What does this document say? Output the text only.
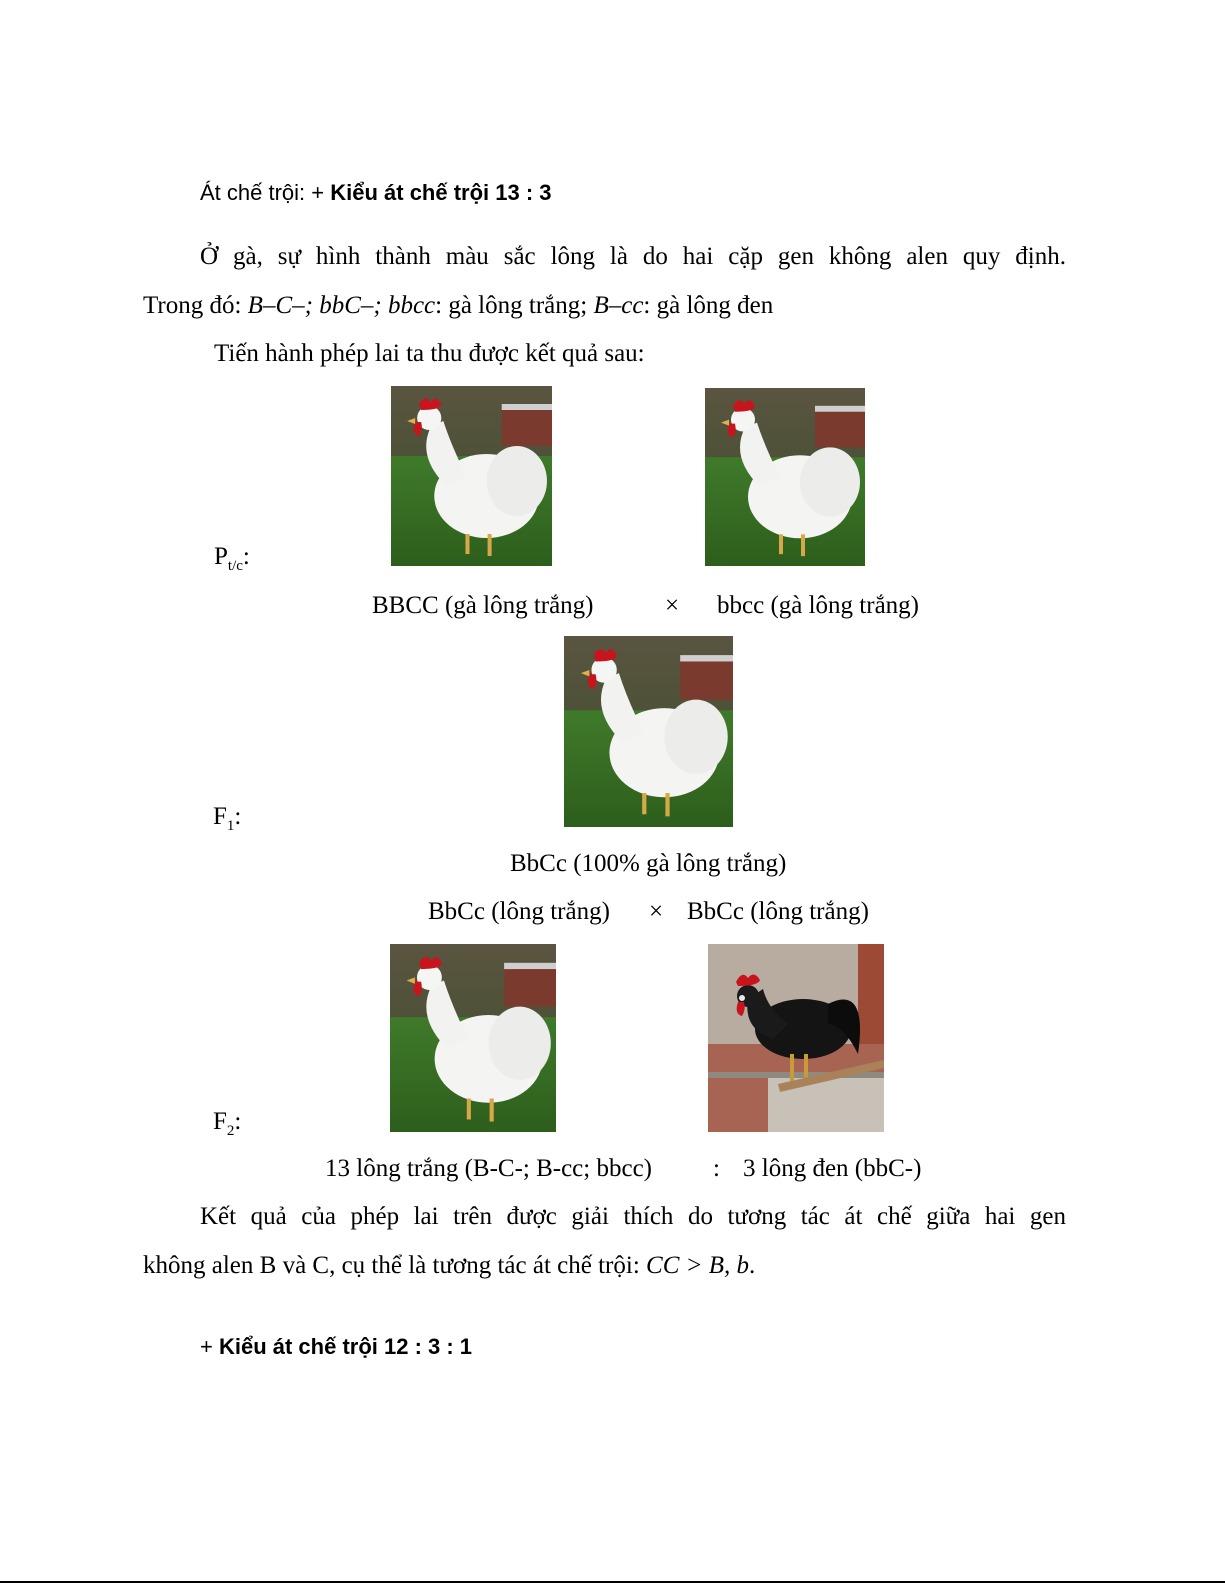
Át chế trội: + Kiểu át chế trội 13 : 3
Ở gà, sự hình thành màu sắc lông là do hai cặp gen không alen quy định.
Trong đó: B–C–; bbC–; bbcc: gà lông trắng; B–cc: gà lông đen
Tiến hành phép lai ta thu được kết quả sau:
$P_{t/c}$:
BBCC (gà lông trắng)	× bbcc (gà lông trắng)
$F_1$:
BbCc (100% gà lông trắng)
BbCc (lông trắng) × BbCc (lông trắng)
$F_2$:
13 lông trắng (B-C-; B-cc; bbcc) : 3 lông đen (bbC-)
Kết quả của phép lai trên được giải thích do tương tác át chế giữa hai gen
không alen B và C, cụ thể là tương tác át chế trội: CC > B, b.
+ Kiểu át chế trội 12 : 3 : 1
